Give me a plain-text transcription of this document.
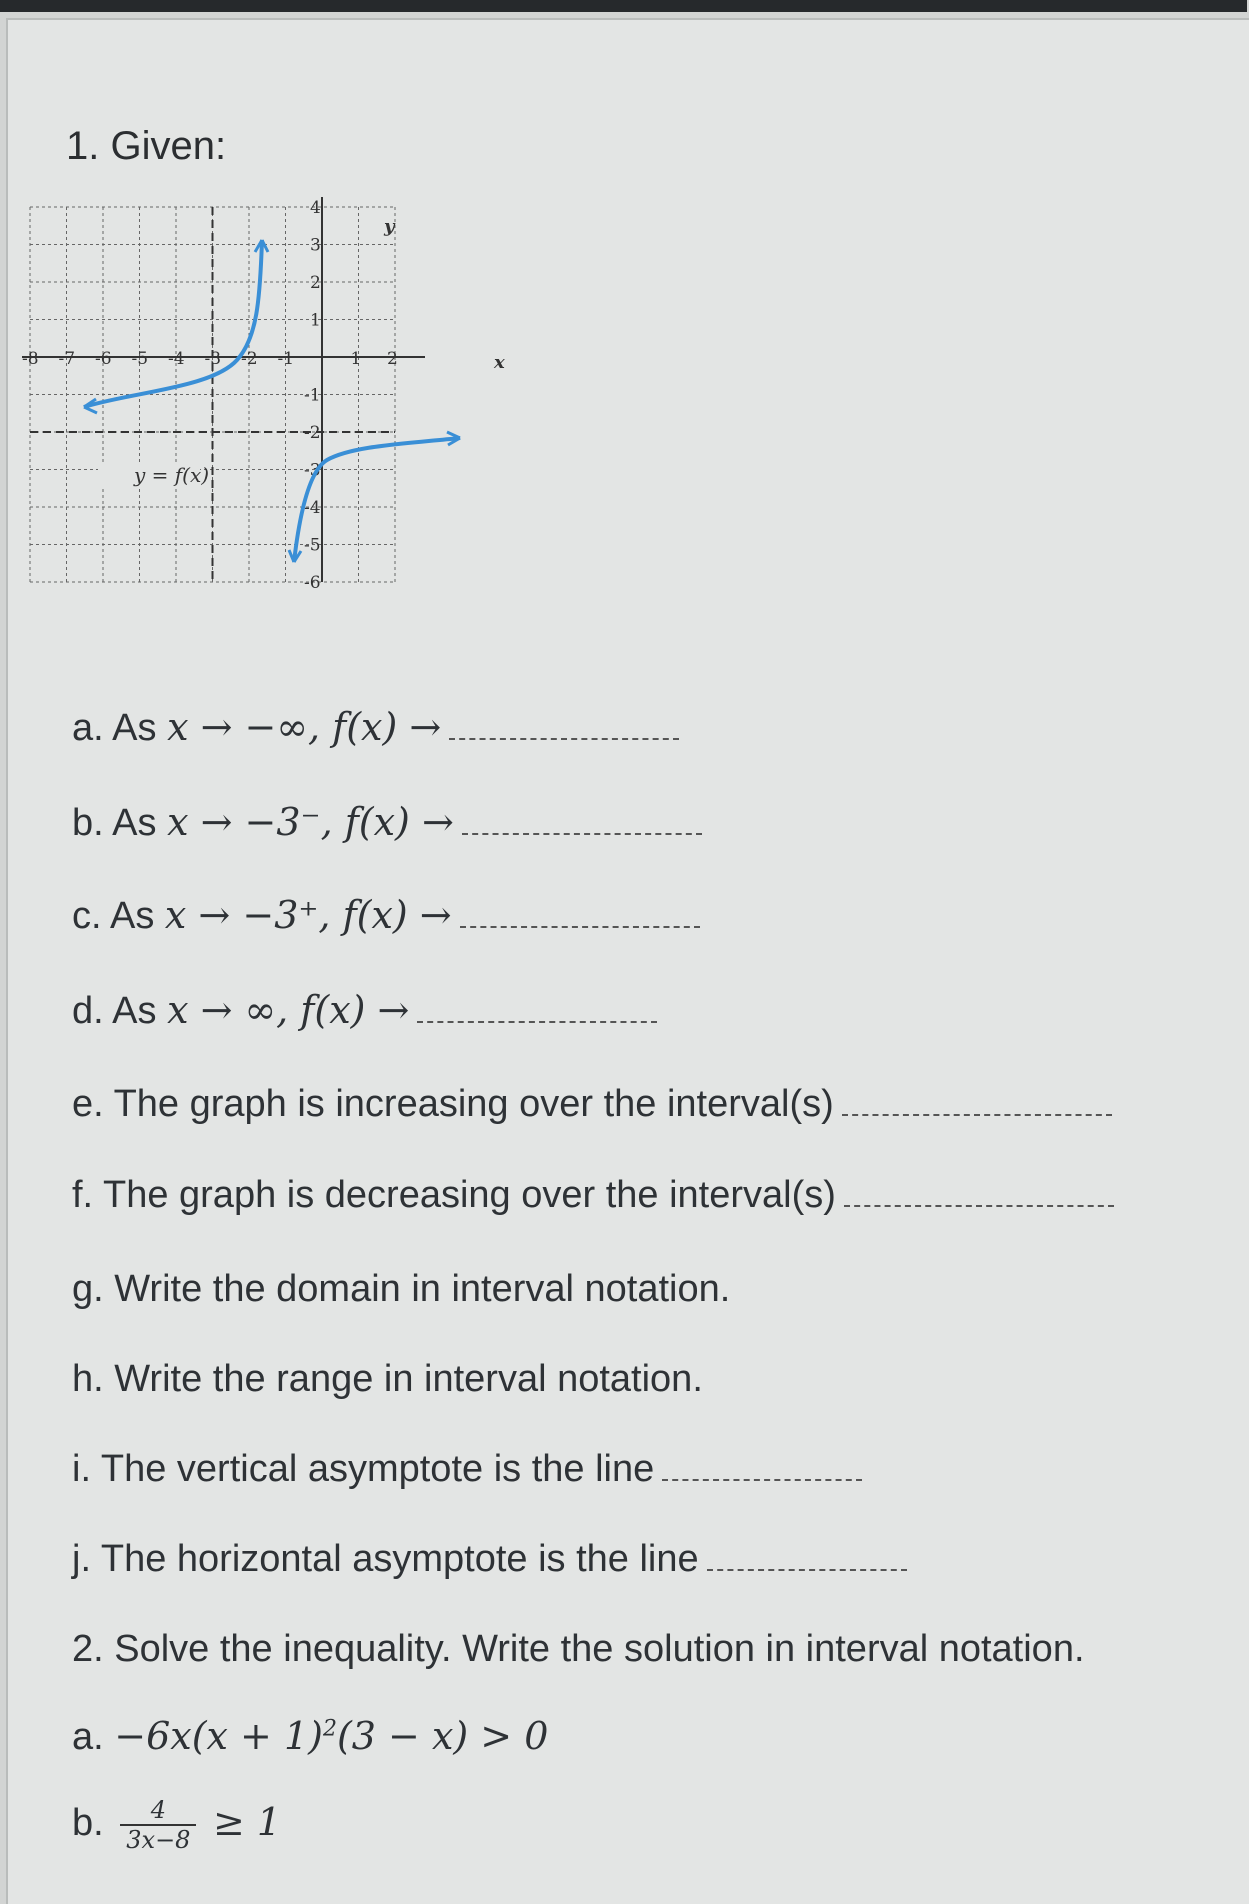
1. Given:
-8 -7 -6 -5 -4 -3 -2 -1	1 2
4
3
2
1
-1
-2
-3
-4
-5
-6
y = f(x)
y
x
a. As x → −∞, f(x) →
b. As x → −3⁻, f(x) →
c. As x → −3⁺, f(x) →
d. As x → ∞, f(x) →
e. The graph is increasing over the interval(s)
f. The graph is decreasing over the interval(s)
g. Write the domain in interval notation.
h. Write the range in interval notation.
i. The vertical asymptote is the line
j. The horizontal asymptote is the line
2. Solve the inequality. Write the solution in interval notation.
a. $-6x(x + 1)^2(3 - x) > 0$
b. $\frac{4}{3x-8} \ge 1$
